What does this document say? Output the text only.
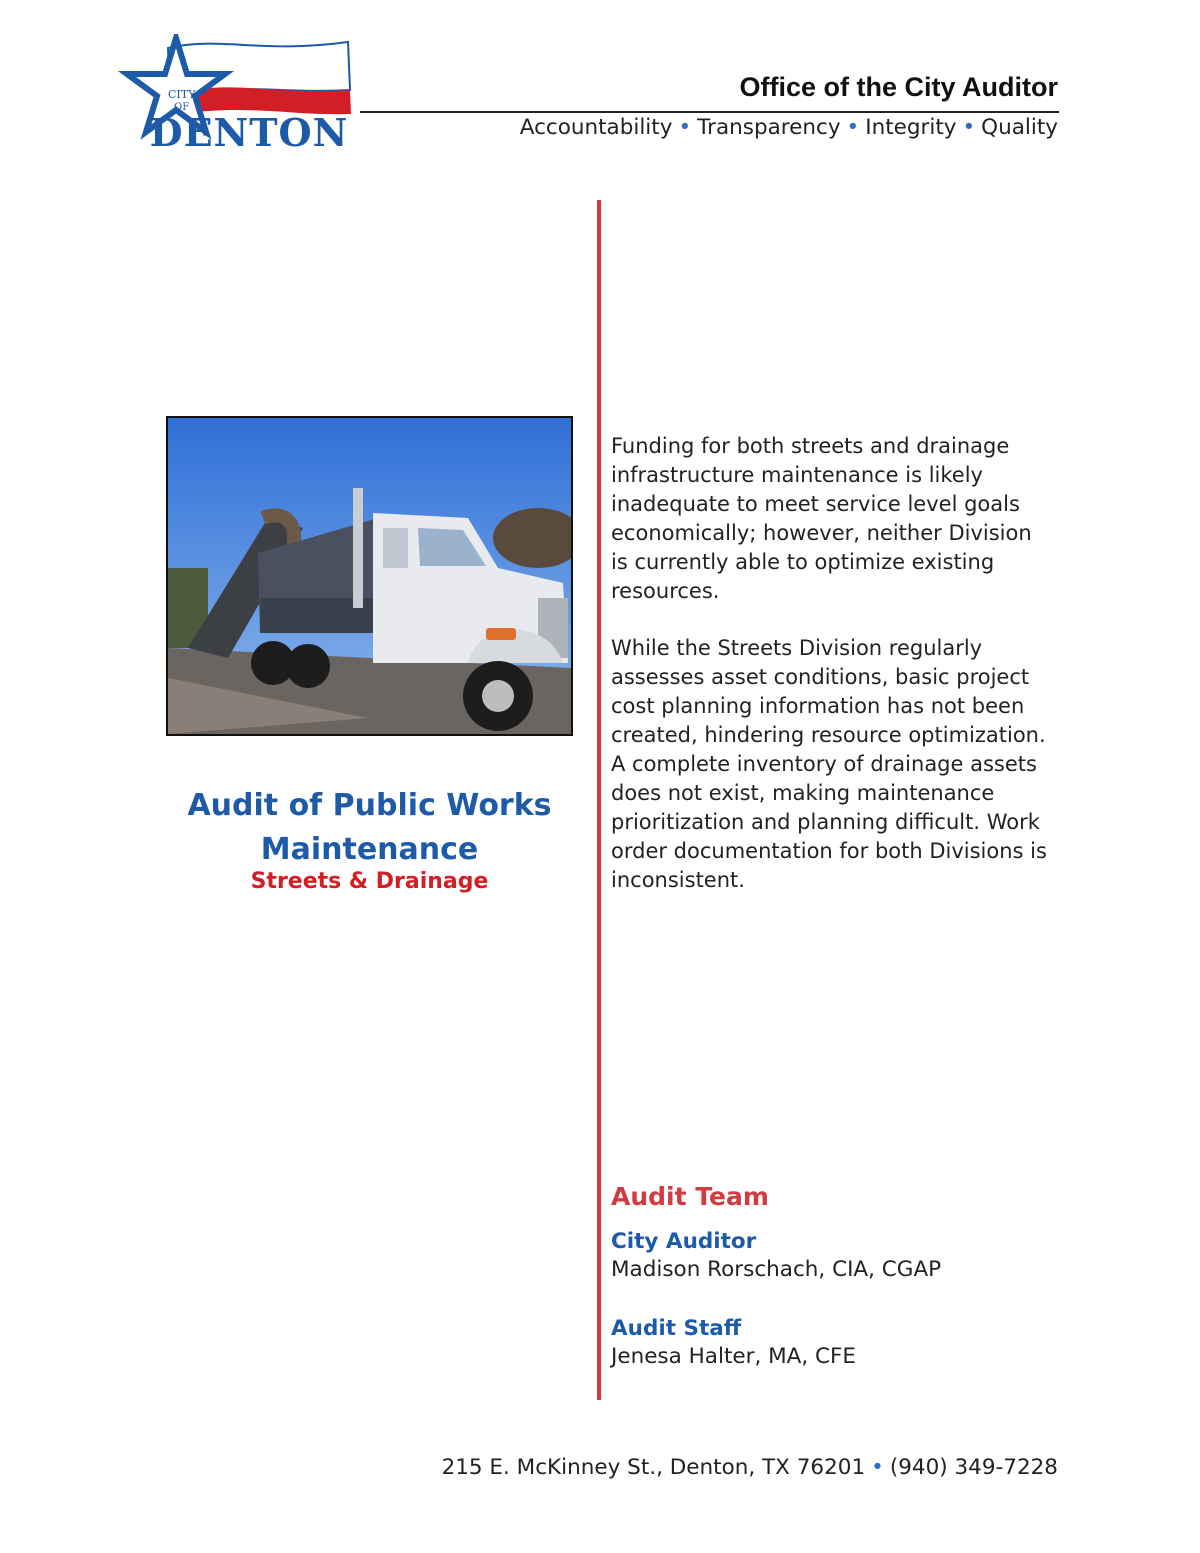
CITY
OF
DENTON
Office of the City Auditor
Accountability • Transparency • Integrity • Quality
Audit of Public Works
Maintenance
Streets & Drainage
Funding for both streets and drainage infrastructure maintenance is likely inadequate to meet service level goals economically; however, neither Division is currently able to optimize existing resources.
While the Streets Division regularly assesses asset conditions, basic project cost planning information has not been created, hindering resource optimization. A complete inventory of drainage assets does not exist, making maintenance prioritization and planning difficult. Work order documentation for both Divisions is inconsistent.
Audit Team
City Auditor
Madison Rorschach, CIA, CGAP
Audit Staff
Jenesa Halter, MA, CFE
215 E. McKinney St., Denton, TX 76201 • (940) 349-7228
